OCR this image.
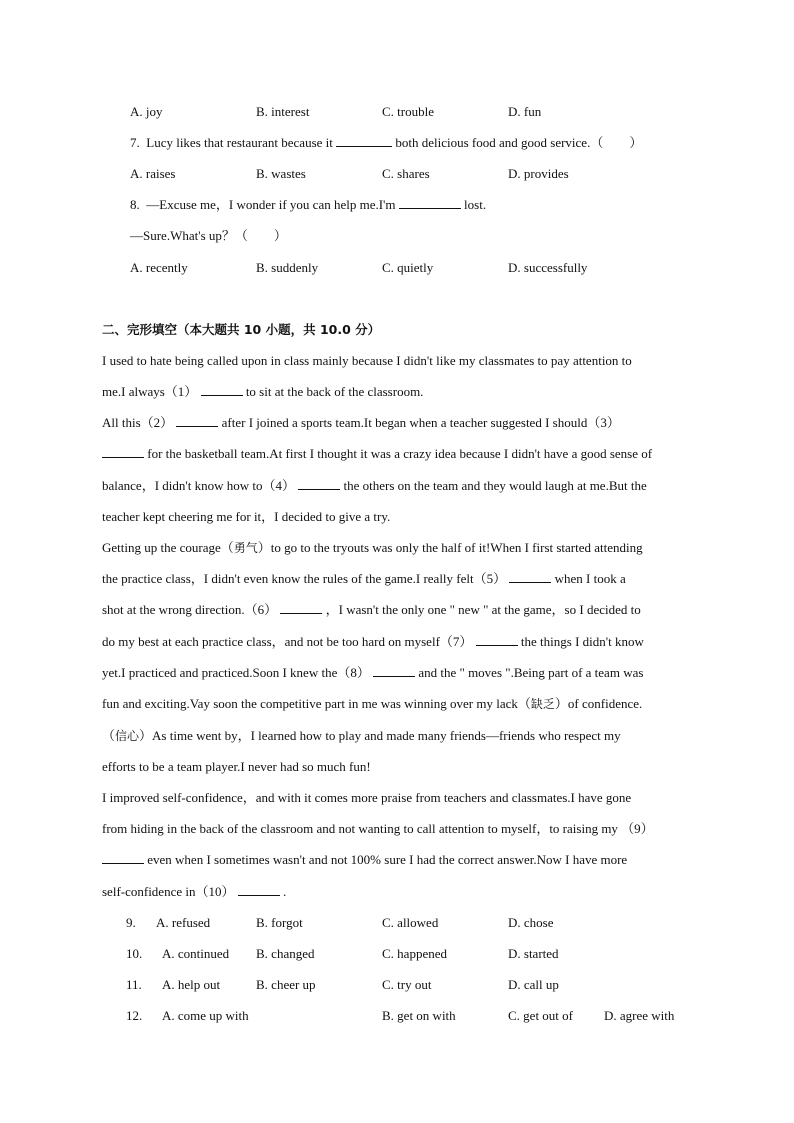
A. joy	B. interest	C. trouble	D. fun
7. Lucy likes that restaurant because it	both delicious food and good service.（　　）
A. raises	B. wastes	C. shares	D. provides
8. —Excuse me，I wonder if you can help me.I'm	lost.
—Sure.What's up？（　　）
A. recently	B. suddenly	C. quietly	D. successfully
二、完形填空（本大题共 10 小题，共 10.0 分）
I used to hate being called upon in class mainly because I didn't like my classmates to pay attention to
me.I always（1）	to sit at the back of the classroom.
All this（2）	after I joined a sports team.It began when a teacher suggested I should（3）
for the basketball team.At first I thought it was a crazy idea because I didn't have a good sense of
balance，I didn't know how to（4）	the others on the team and they would laugh at me.But the
teacher kept cheering me for it，I decided to give a try.
Getting up the courage（勇气）to go to the tryouts was only the half of it!When I first started attending
the practice class，I didn't even know the rules of the game.I really felt（5）	when I took a
shot at the wrong direction.（6）	，I wasn't the only one " new " at the game，so I decided to
do my best at each practice class，and not be too hard on myself（7）	the things I didn't know
yet.I practiced and practiced.Soon I knew the（8）	and the " moves ".Being part of a team was
fun and exciting.Vay soon the competitive part in me was winning over my lack（缺乏）of confidence.
（信心）As time went by，I learned how to play and made many friends—friends who respect my
efforts to be a team player.I never had so much fun!
I improved self-confidence，and with it comes more praise from teachers and classmates.I have gone
from hiding in the back of the classroom and not wanting to call attention to myself，to raising my （9）
even when I sometimes wasn't and not 100% sure I had the correct answer.Now I have more
self-confidence in（10）	.
9. A. refused	B. forgot	C. allowed	D. chose
10. A. continued B. changed	C. happened	D. started
11. A. help out	B. cheer up	C. try out	D. call up
12. A. come up with	B. get on with	C. get out of D. agree with
